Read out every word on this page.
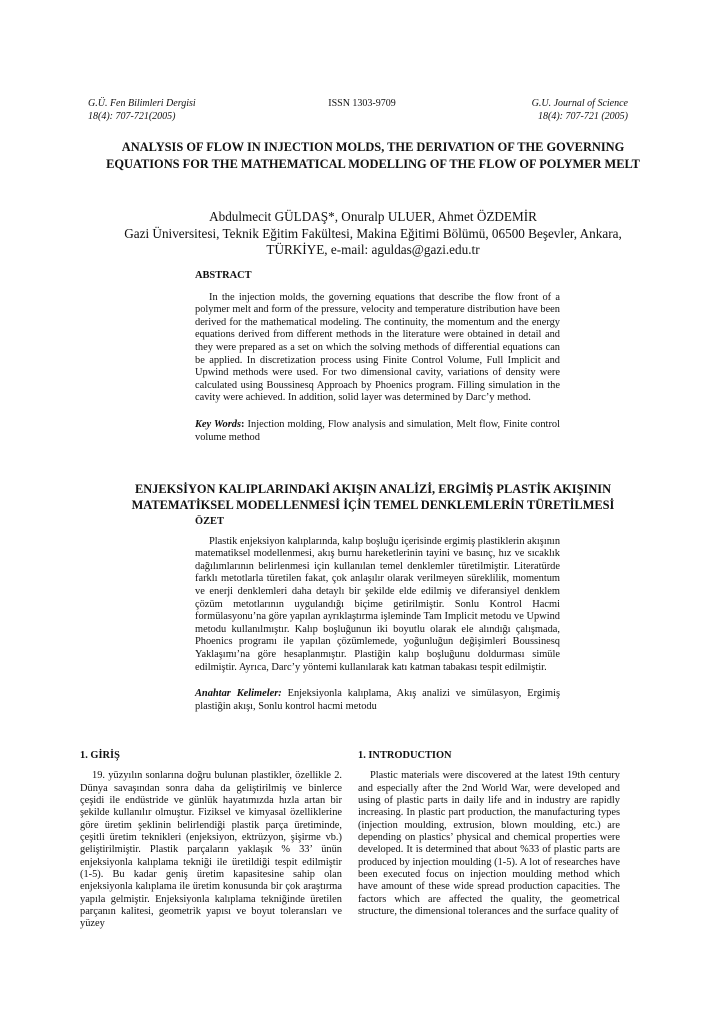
G.Ü. Fen Bilimleri Dergisi
18(4): 707-721(2005)
ISSN 1303-9709	G.U. Journal of Science
18(4): 707-721 (2005)
ANALYSIS OF FLOW IN INJECTION MOLDS, THE DERIVATION OF THE GOVERNING EQUATIONS FOR THE MATHEMATICAL MODELLING OF THE FLOW OF POLYMER MELT
Abdulmecit GÜLDAŞ*, Onuralp ULUER, Ahmet ÖZDEMİR
Gazi Üniversitesi, Teknik Eğitim Fakültesi, Makina Eğitimi Bölümü, 06500 Beşevler, Ankara,
TÜRKİYE, e-mail: aguldas@gazi.edu.tr
ABSTRACT
In the injection molds, the governing equations that describe the flow front of a polymer melt and form of the pressure, velocity and temperature distribution have been derived for the mathematical modeling. The continuity, the momentum and the energy equations derived from different methods in the literature were obtained in detail and they were prepared as a set on which the solving methods of differential equations can be applied. In discretization process using Finite Control Volume, Full Implicit and Upwind methods were used. For two dimensional cavity, variations of density were calculated using Boussinesq Approach by Phoenics program. Filling simulation in the cavity were achieved. In addition, solid layer was determined by Darc’y method.
Key Words: Injection molding, Flow analysis and simulation, Melt flow, Finite control volume method
ENJEKSİYON KALIPLARINDAKİ AKIŞIN ANALİZİ, ERGİMİŞ PLASTİK AKIŞININ MATEMATİKSEL MODELLENMESİ İÇİN TEMEL DENKLEMLERİN TÜRETİLMESİ
ÖZET
Plastik enjeksiyon kalıplarında, kalıp boşluğu içerisinde ergimiş plastiklerin akışının matematiksel modellenmesi, akış burnu hareketlerinin tayini ve basınç, hız ve sıcaklık dağılımlarının belirlenmesi için kullanılan temel denklemler türetilmiştir. Literatürde farklı metotlarla türetilen fakat, çok anlaşılır olarak verilmeyen süreklilik, momentum ve enerji denklemleri daha detaylı bir şekilde elde edilmiş ve diferansiyel denklem çözüm metotlarının uygulandığı biçime getirilmiştir. Sonlu Kontrol Hacmi formülasyonu’na göre yapılan ayrıklaştırma işleminde Tam Implicit metodu ve Upwind metodu kullanılmıştır. Kalıp boşluğunun iki boyutlu olarak ele alındığı çalışmada, Phoenics programı ile yapılan çözümlemede, yoğunluğun değişimleri Boussinesq Yaklaşımı’na göre hesaplanmıştır. Plastiğin kalıp boşluğunu doldurması simüle edilmiştir. Ayrıca, Darc’y yöntemi kullanılarak katı katman tabakası tespit edilmiştir.
Anahtar Kelimeler: Enjeksiyonla kalıplama, Akış analizi ve simülasyon, Ergimiş plastiğin akışı, Sonlu kontrol hacmi metodu
1. GİRİŞ

19. yüzyılın sonlarına doğru bulunan plastikler, özellikle 2. Dünya savaşından sonra daha da geliştirilmiş ve binlerce çeşidi ile endüstride ve günlük hayatımızda hızla artan bir şekilde kullanılır olmuştur. Fiziksel ve kimyasal özelliklerine göre üretim şeklinin belirlendiği plastik parça üretiminde, çeşitli üretim teknikleri (enjeksiyon, ektrüzyon, şişirme vb.) geliştirilmiştir. Plastik parçaların yaklaşık % 33’ ünün enjeksiyonla kalıplama tekniği ile üretildiği tespit edilmiştir (1-5). Bu kadar geniş üretim kapasitesine sahip olan enjeksiyonla kalıplama ile üretim konusunda bir çok araştırma yapıla gelmiştir. Enjeksiyonla kalıplama tekniğinde üretilen parçanın kalitesi, geometrik yapısı ve boyut toleransları ve yüzey

1. INTRODUCTION

Plastic materials were discovered at the latest 19th century and especially after the 2nd World War, were developed and using of plastic parts in daily life and in industry are rapidly increasing. In plastic part production, the manufacturing types (injection moulding, extrusion, blown moulding, etc.) are depending on plastics’ physical and chemical properties were developed. It is determined that about %33 of plastic parts are produced by injection moulding (1-5). A lot of researches have been executed focus on injection moulding method which have amount of these wide spread production capacities. The factors which are affected the quality, the geometrical structure, the dimensional tolerances and the surface quality of
